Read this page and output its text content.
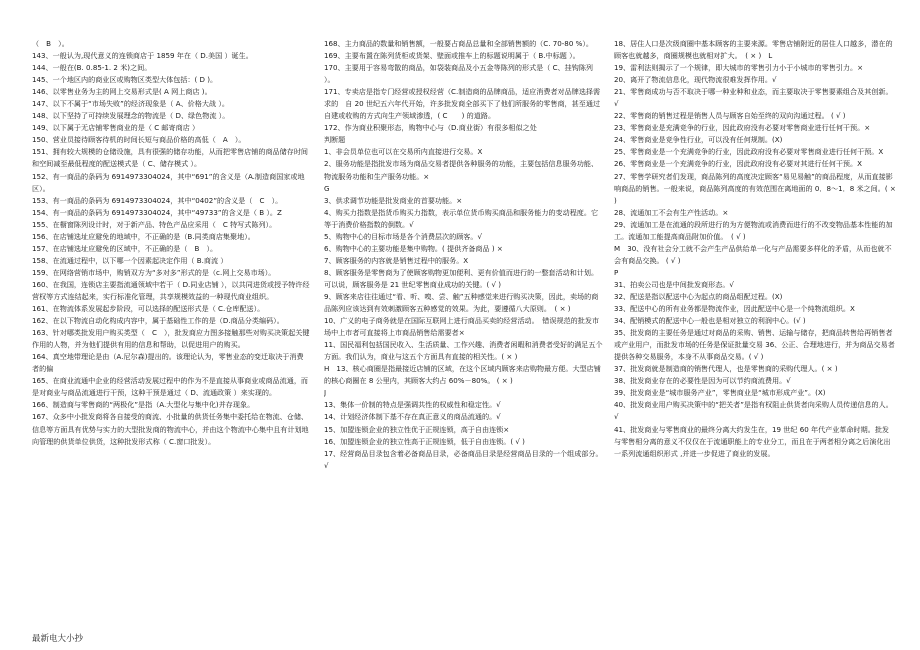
（　B　）。

143、一般认为,现代意义的连锁商店于 1859 年在（ D.美国 ）诞生。

144、一般在(B. 0.85-1. 2 米)之间。

145、一个地区内的商业区或购物区类型大体包括：( D )。

146、以零售业务为主的网上交易形式是( A 网上商店 )。

147、以下不属于“市场失败”的经济现象是（ A、价格大战 ）。

148、以下坚持了可持续发展理念的物流是（ D、绿色物流 ）。

149、以下属于无店铺零售商业的是（ C 邮寄商店 ）

150、营业员接待顾客待机的时间长短与商品价格的高低（　A　）。

151、拥有较大规模的仓储设施，具有很强的储存功能，从而把零售店铺的商品储存时间和空间减至最低程度的配送模式是（ C、储存模式 ）。

152、有一商品的条码为 6914973304024，其中“691”的含义是（A.制造商国家或地区）。

153、有一商品的条码为 6914973304024，其中“0402”的含义是（　C　）。

154、有一商品的条码为 6914973304024，其中“49733”的含义是（ B ）。Z

155、在橱窗陈列设计时，对于新产品、特色产品应采用（　C 特写式陈列）。

156、在店铺选址应避免的地域中，不正确的是（B.同类商店集聚地）。

157、在店铺选址应避免的区域中，不正确的是（　B　）。

158、在流通过程中，以下哪一个因素起决定作用（ B.商流 ）

159、在网络营销市场中，购销双方为“多对多”形式的是（c.网上交易市场）。

160、在我国，连锁店主要指流通领域中若干（ D.同业店铺 ），以共同进货或授予特许经营权等方式连结起来，实行标准化管理，共享规模效益的一种现代商业组织。

161、在物流体系发展起步阶段，可以选择的配送形式是（ C.仓库配送）。

162、在以下物流自动化构成内容中，属于基础性工作的是（D.商品分类编码）。

163、针对哪类批发用户购买类型（　C　），批发商应力图多接触那些对购买决策起关键作用的人物，并为他们提供有用的信息和帮助，以促进用户的购买。

164、真空地带理论是由（A.尼尔森)提出的。该理论认为，零售业态的变迁取决于消费者的偏

165、在商业流通中企业的经营活动发展过程中的作为不是直接从事商业或商品流通，而是对商业与商品流通进行干预，这种干预是通过（ D、流通政策 ）来实现的。

166、制造商与零售商的“两极化”是指（A.大型化与集中化)并存现象。

167、众多中小批发商将各自接受的商流、小批量的供货任务集中委托给在物流、仓储、信息等方面具有优势与实力的大型批发商的物流中心，并由这个物流中心集中且有计划地向管理的供货单位供货，这种批发形式称（ C.窗口批发）。

168、主力商品的数量和销售额，一般要占商品总量和全部销售额的（C. 70-80 %）。

169、主要布置在陈列货柜或货架、壁面或推车上的标题说明属于（ B.中标题 ）。

170、主要用于容易弯散的商品，如袋装商品及小五金等陈列的形式是（ C、挂钩陈列 ）。

171、专卖店是指专门经营或授权经营（C.制造商的品牌商品，适应消费者对品牌选择需求的　自 20 世纪五六年代开始，许多批发商全部买下了他们所服务的零售商，甚至通过自建或收购的方式向生产领域渗透，( C　　) 的道路。

172、作为商业积聚形态，购物中心与（D.商业街）有很多相似之处

判断题

1、非会员单位也可以在交易所内直接进行交易。X

2、服务功能是指批发市场为商品交易者提供各种服务的功能，主要包括信息服务功能、物流服务功能和生产服务功能。×

G

3、供求调节功能是批发商业的首要功能。×

4、购买力指数是指货币购买力指数，表示单位货币购买商品和服务能力的变动程度。它等于消费价格指数的倒数。√

5、购物中心的目标市场是各个消费层次的顾客。√

6、购物中心的主要功能是集中购物。( 提供齐备商品 ) ×

7、顾客服务的内容就是销售过程中的服务。X

8、顾客服务是零售商为了使顾客购物更加便利、更有价值而进行的一整套活动和计划。可以说，顾客服务是 21 世纪零售商业成功的关键。( √ )

9、顾客来店往往通过“看、听、嗅、尝、触”五种感觉来进行购买决策，因此，卖场的商品陈列应该达到有效刺激顾客五种感觉的效果。为此，要遵循八大原则。　( × )

10、广义的电子商务就是在国际互联网上进行商品买卖的经营活动。　错误规范的批发市场中上市者可直接将上市商品销售给需要者×

11、国民福利包括国民收入、生活质量、工作兴趣、消费者闲暇和消费者受好的满足五个方面。我们认为，商业与这五个方面具有直接的相关性。( × )

H　13、核心商圈是指最接近店铺的区域，在这个区域内顾客来店购物最方便。大型店铺的核心商圈在 8 公里内，其顾客大约占 60%－80%。 ( × )

J

13、集体一价制的特点是强调共性的权威性和稳定性。√

14、计划经济体制下基不存在真正意义的商品流通的。√

15、加盟连锁企业的独立性优于正规连锁，高于自由连锁×

16、加盟连锁企业的独立性高于正规连锁，低于自由连锁。( √ )

17、经营商品目录包含着必备商品目录，必备商品目录是经营商品目录的一个组成部分。√

18、居住人口是次级商圈中基本顾客的主要来源。零售店铺附近的居住人口越多，潜在的顾客也就越多，商圈规模也就相对扩大。　( × )　L

19、雷利法则揭示了一个规律，即大城市的零售引力小于小城市的零售引力。×

20、离开了物流信息化，现代物流很难发挥作用。√

21、零售商成功与否不取决于哪一种业种和业态，而主要取决于零售要素组合及其创新。√

22、零售商的销售过程是销售人员与顾客自始至终的双向沟通过程。 ( √ )

23、零售商业是充满竞争的行业，因此政府没有必要对零售商业进行任何干预。×

24、零售商业是竞争性行业，可以没有任何规制。(X)

25、零售商业是一个充满竞争的行业，因此政府没有必要对零售商业进行任何干预。X

26、零售商业是一个充满竞争的行业，因此政府没有必要对其进行任何干预。X

27、零售学研究者们发现，商品陈列的高度决定顾客“易见易触”的商品程度，从而直接影响商品的销售。一般来说，商品陈列高度的有效范围在离地面的 0．8～1．8 米之间。( × )

28、流通加工不会有生产性活动。×

29、流通加工是在流通的段所进行的为方便物流或消费而进行的不改变物品基本性能的加工。流通加工能提高商品附加价值。　( √ )

M　30、没有社会分工就不会产生产品供给单一化与产品需要多样化的矛盾，从而也就不会有商品交换。 ( √ )

P

31、拍卖公司也是中间批发商形态。√

32、配送是指以配送中心为起点的商品组配过程。(X)

33、配送中心的所有业务都是物流作业，因此配送中心是一个纯物流组织。X

34、配销模式的配送中心一般也是相对独立的利润中心。(√ )

35、批发商的主要任务是通过对商品的采购、销售、运输与储存，把商品转售给再销售者或产业用户，而批发市场的任务是保证批量交易 36、公正、合理地进行，并为商品交易者提供各种交易服务，本身不从事商品交易。( √ )

37、批发商就是制造商的销售代理人，也是零售商的采购代理人。( × )

38、批发商业存在的必要性是因为可以节约商流费用。√

39、批发商业是“城市服务产业”，零售商业是“城市形成产业”。(X)

40、批发商业用户购买决策中的“把关者”是指有权阻止供货者向采购人员传递信息的人。√

41、批发商业与零售商业的最终分离大约发生在，19 世纪 60 年代产业革命时期。批发与零售相分离的意义不仅仅在于流通职能上的专业分工，而且在于两者相分离之后演化出一系列流通组织形式 ,并进一步促进了商业的发展。

最新电大小抄
